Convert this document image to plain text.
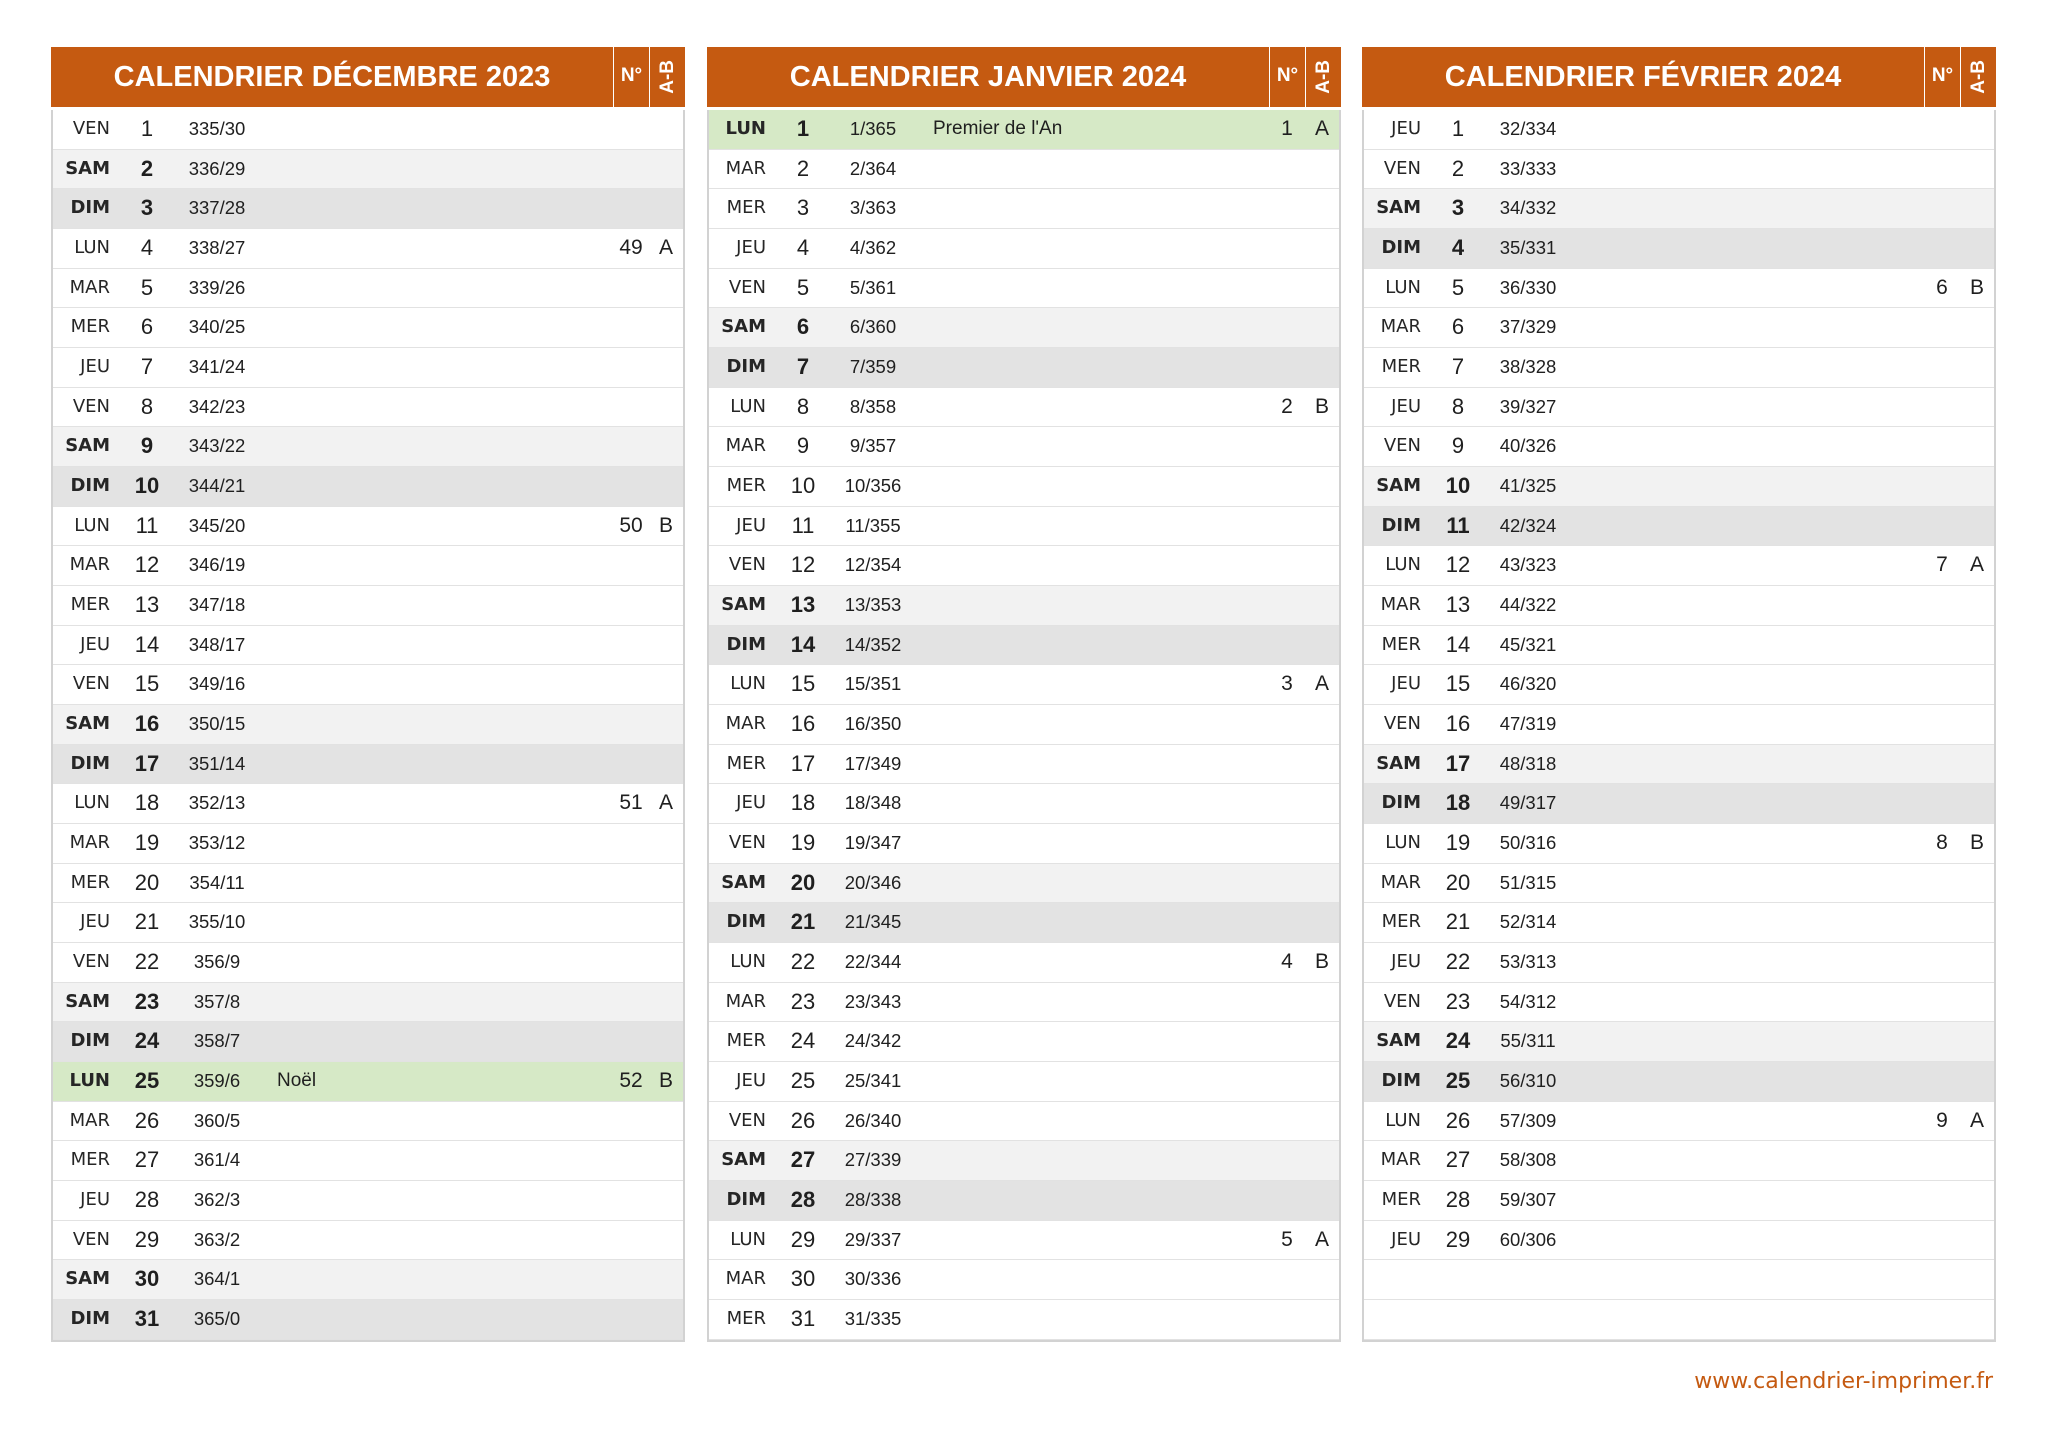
CALENDRIER DÉCEMBRE 2023	N° A-B
VEN	1	335/30
SAM	2	336/29
DIM	3	337/28
LUN	4	338/27	49 A
MAR	5	339/26
MER	6	340/25
JEU	7	341/24
VEN	8	342/23
SAM	9	343/22
DIM 10	344/21
LUN 11	345/20	50 B
MAR 12	346/19
MER 13	347/18
JEU 14	348/17
VEN 15	349/16
SAM 16	350/15
DIM 17	351/14
LUN 18	352/13	51 A
MAR 19	353/12
MER 20	354/11
JEU 21	355/10
VEN 22	356/9
SAM 23	357/8
DIM 24	358/7
LUN 25	359/6	Noël	52 B
MAR 26	360/5
MER 27	361/4
JEU 28	362/3
VEN 29	363/2
SAM 30	364/1
DIM 31	365/0
CALENDRIER JANVIER 2024	N° A-B
LUN	1	1/365	Premier de l'An	1	A
MAR	2	2/364
MER	3	3/363
JEU	4	4/362
VEN	5	5/361
SAM	6	6/360
DIM	7	7/359
LUN	8	8/358	2	B
MAR	9	9/357
MER 10	10/356
JEU 11	11/355
VEN 12	12/354
SAM 13	13/353
DIM 14	14/352
LUN 15	15/351	3	A
MAR 16	16/350
MER 17	17/349
JEU 18	18/348
VEN 19	19/347
SAM 20	20/346
DIM 21	21/345
LUN 22	22/344	4	B
MAR 23	23/343
MER 24	24/342
JEU 25	25/341
VEN 26	26/340
SAM 27	27/339
DIM 28	28/338
LUN 29	29/337	5	A
MAR 30	30/336
MER 31	31/335
CALENDRIER FÉVRIER 2024	N° A-B
JEU	1	32/334
VEN	2	33/333
SAM	3	34/332
DIM	4	35/331
LUN	5	36/330	6	B
MAR	6	37/329
MER	7	38/328
JEU	8	39/327
VEN	9	40/326
SAM 10	41/325
DIM 11	42/324
LUN 12	43/323	7	A
MAR 13	44/322
MER 14	45/321
JEU 15	46/320
VEN 16	47/319
SAM 17	48/318
DIM 18	49/317
LUN 19	50/316	8	B
MAR 20	51/315
MER 21	52/314
JEU 22	53/313
VEN 23	54/312
SAM 24	55/311
DIM 25	56/310
LUN 26	57/309	9	A
MAR 27	58/308
MER 28	59/307
JEU 29	60/306
www.calendrier-imprimer.fr
